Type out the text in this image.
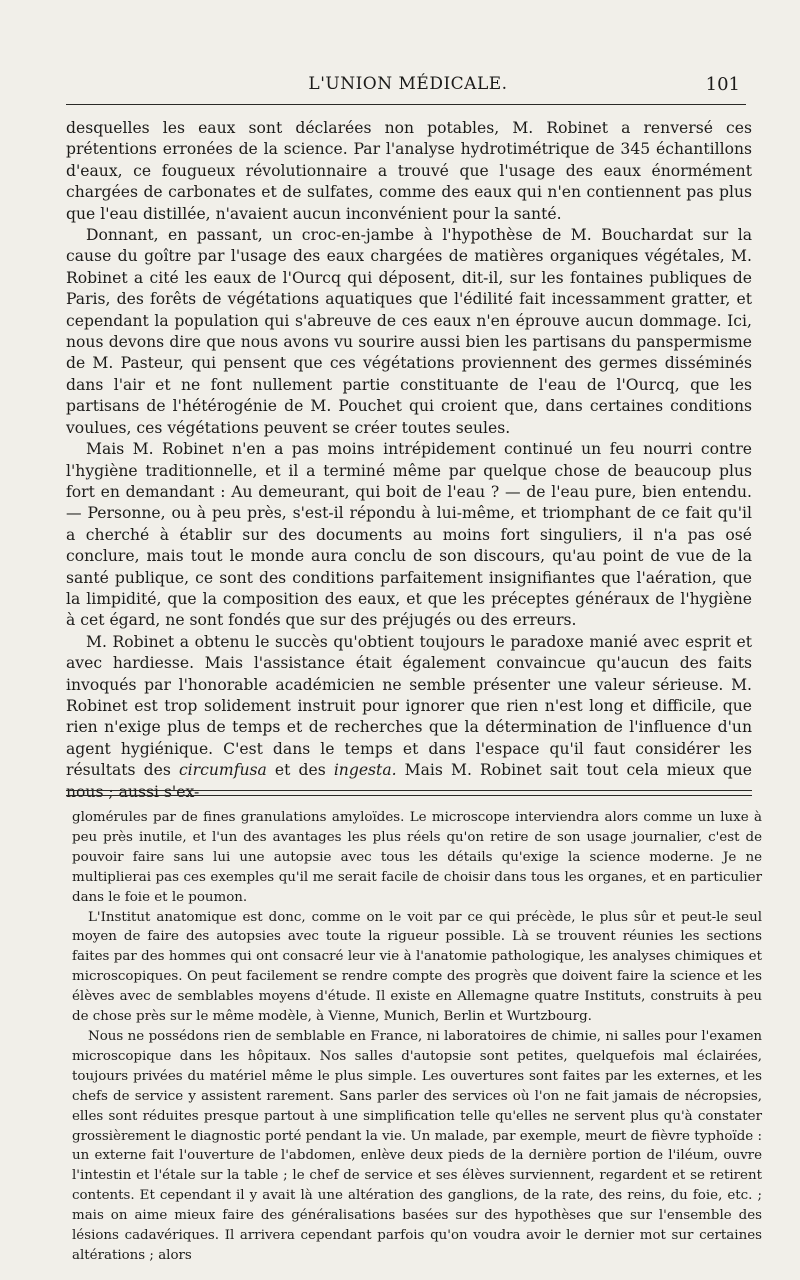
L'UNION MÉDICALE.	101

desquelles les eaux sont déclarées non potables, M. Robinet a renversé ces prétentions erronées de la science. Par l'analyse hydrotimétrique de 345 échantillons d'eaux, ce fougueux révolutionnaire a trouvé que l'usage des eaux énormément chargées de carbonates et de sulfates, comme des eaux qui n'en contiennent pas plus que l'eau distillée, n'avaient aucun inconvénient pour la santé.

Donnant, en passant, un croc-en-jambe à l'hypothèse de M. Bouchardat sur la cause du goître par l'usage des eaux chargées de matières organiques végétales, M. Robinet a cité les eaux de l'Ourcq qui déposent, dit-il, sur les fontaines publiques de Paris, des forêts de végétations aquatiques que l'édilité fait incessamment gratter, et cependant la population qui s'abreuve de ces eaux n'en éprouve aucun dommage. Ici, nous devons dire que nous avons vu sourire aussi bien les partisans du panspermisme de M. Pasteur, qui pensent que ces végétations proviennent des germes disséminés dans l'air et ne font nullement partie constituante de l'eau de l'Ourcq, que les partisans de l'hétérogénie de M. Pouchet qui croient que, dans certaines conditions voulues, ces végétations peuvent se créer toutes seules.

Mais M. Robinet n'en a pas moins intrépidement continué un feu nourri contre l'hygiène traditionnelle, et il a terminé même par quelque chose de beaucoup plus fort en demandant : Au demeurant, qui boit de l'eau ? — de l'eau pure, bien entendu. — Personne, ou à peu près, s'est-il répondu à lui-même, et triomphant de ce fait qu'il a cherché à établir sur des documents au moins fort singuliers, il n'a pas osé conclure, mais tout le monde aura conclu de son discours, qu'au point de vue de la santé publique, ce sont des conditions parfaitement insignifiantes que l'aération, que la limpidité, que la composition des eaux, et que les préceptes généraux de l'hygiène à cet égard, ne sont fondés que sur des préjugés ou des erreurs.

M. Robinet a obtenu le succès qu'obtient toujours le paradoxe manié avec esprit et avec hardiesse. Mais l'assistance était également convaincue qu'aucun des faits invoqués par l'honorable académicien ne semble présenter une valeur sérieuse. M. Robinet est trop solidement instruit pour ignorer que rien n'est long et difficile, que rien n'exige plus de temps et de recherches que la détermination de l'influence d'un agent hygiénique. C'est dans le temps et dans l'espace qu'il faut considérer les résultats des circumfusa et des ingesta. Mais M. Robinet sait tout cela mieux que nous ; aussi s'ex-

glomérules par de fines granulations amyloïdes. Le microscope interviendra alors comme un luxe à peu près inutile, et l'un des avantages les plus réels qu'on retire de son usage journalier, c'est de pouvoir faire sans lui une autopsie avec tous les détails qu'exige la science moderne. Je ne multiplierai pas ces exemples qu'il me serait facile de choisir dans tous les organes, et en particulier dans le foie et le poumon.

L'Institut anatomique est donc, comme on le voit par ce qui précède, le plus sûr et peut-le seul moyen de faire des autopsies avec toute la rigueur possible. Là se trouvent réunies les sections faites par des hommes qui ont consacré leur vie à l'anatomie pathologique, les analyses chimiques et microscopiques. On peut facilement se rendre compte des progrès que doivent faire la science et les élèves avec de semblables moyens d'étude. Il existe en Allemagne quatre Instituts, construits à peu de chose près sur le même modèle, à Vienne, Munich, Berlin et Wurtzbourg.

Nous ne possédons rien de semblable en France, ni laboratoires de chimie, ni salles pour l'examen microscopique dans les hôpitaux. Nos salles d'autopsie sont petites, quelquefois mal éclairées, toujours privées du matériel même le plus simple. Les ouvertures sont faites par les externes, et les chefs de service y assistent rarement. Sans parler des services où l'on ne fait jamais de nécropsies, elles sont réduites presque partout à une simplification telle qu'elles ne servent plus qu'à constater grossièrement le diagnostic porté pendant la vie. Un malade, par exemple, meurt de fièvre typhoïde : un externe fait l'ouverture de l'abdomen, enlève deux pieds de la dernière portion de l'iléum, ouvre l'intestin et l'étale sur la table ; le chef de service et ses élèves surviennent, regardent et se retirent contents. Et cependant il y avait là une altération des ganglions, de la rate, des reins, du foie, etc. ; mais on aime mieux faire des généralisations basées sur des hypothèses que sur l'ensemble des lésions cadavériques. Il arrivera cependant parfois qu'on voudra avoir le dernier mot sur certaines altérations ; alors
